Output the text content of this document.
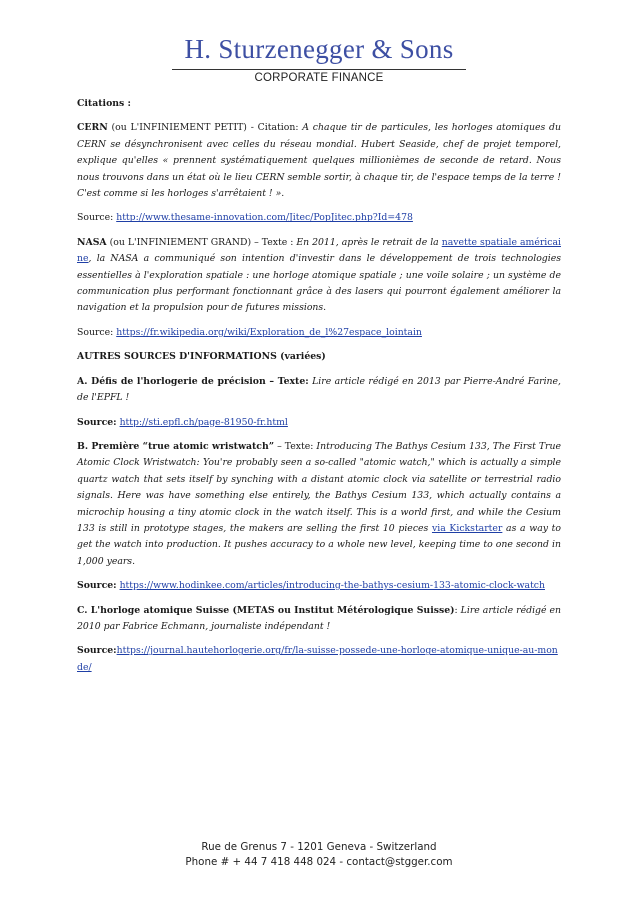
H. Sturzenegger & Sons
CORPORATE FINANCE

Citations :

CERN (ou L'INFINIEMENT PETIT) - Citation: A chaque tir de particules, les horloges atomiques du CERN se désynchronisent avec celles du réseau mondial. Hubert Seaside, chef de projet temporel, explique qu'elles « prennent systématiquement quelques millionièmes de seconde de retard. Nous nous trouvons dans un état où le lieu CERN semble sortir, à chaque tir, de l'espace temps de la terre ! C'est comme si les horloges s'arrêtaient ! ».

Source: http://www.thesame-innovation.com/Jitec/PopJitec.php?Id=478

NASA (ou L'INFINIEMENT GRAND) – Texte : En 2011, après le retrait de la navette spatiale américaine, la NASA a communiqué son intention d'investir dans le développement de trois technologies essentielles à l'exploration spatiale : une horloge atomique spatiale ; une voile solaire ; un système de communication plus performant fonctionnant grâce à des lasers qui pourront également améliorer la navigation et la propulsion pour de futures missions.

Source: https://fr.wikipedia.org/wiki/Exploration_de_l%27espace_lointain

AUTRES SOURCES D'INFORMATIONS (variées)

A. Défis de l'horlogerie de précision – Texte: Lire article rédigé en 2013 par Pierre-André Farine, de l'EPFL !

Source: http://sti.epfl.ch/page-81950-fr.html

B. Première “true atomic wristwatch” – Texte: Introducing The Bathys Cesium 133, The First True Atomic Clock Wristwatch: You're probably seen a so-called "atomic watch," which is actually a simple quartz watch that sets itself by synching with a distant atomic clock via satellite or terrestrial radio signals. Here was have something else entirely, the Bathys Cesium 133, which actually contains a microchip housing a tiny atomic clock in the watch itself. This is a world first, and while the Cesium 133 is still in prototype stages, the makers are selling the first 10 pieces via Kickstarter as a way to get the watch into production. It pushes accuracy to a whole new level, keeping time to one second in 1,000 years.

Source: https://www.hodinkee.com/articles/introducing-the-bathys-cesium-133-atomic-clock-watch

C. L'horloge atomique Suisse (METAS ou Institut Métérologique Suisse): Lire article rédigé en 2010 par Fabrice Echmann, journaliste indépendant !

Source:https://journal.hautehorlogerie.org/fr/la-suisse-possede-une-horloge-atomique-unique-au-monde/

Rue de Grenus 7 - 1201 Geneva - Switzerland
Phone # + 44 7 418 448 024 - contact@stgger.com
